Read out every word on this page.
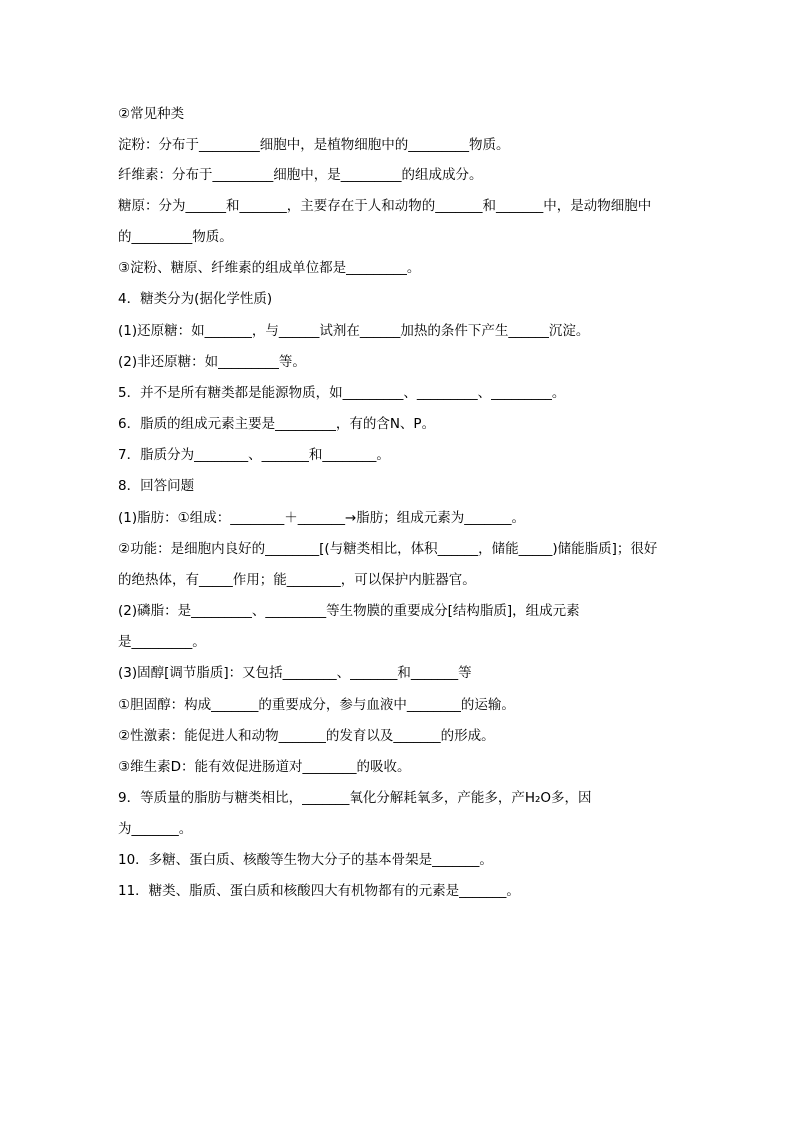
②常见种类
淀粉：分布于_________细胞中，是植物细胞中的_________物质。
纤维素：分布于_________细胞中，是_________的组成成分。
糖原：分为______和_______，主要存在于人和动物的_______和_______中，是动物细胞中
的_________物质。
③淀粉、糖原、纤维素的组成单位都是_________。
4．糖类分为(据化学性质)
(1)还原糖：如_______，与______试剂在______加热的条件下产生______沉淀。
(2)非还原糖：如_________等。
5．并不是所有糖类都是能源物质，如_________、_________、_________。
6．脂质的组成元素主要是_________，有的含N、P。
7．脂质分为________、_______和________。
8．回答问题
(1)脂肪：①组成：________＋_______→脂肪；组成元素为_______。
②功能：是细胞内良好的________[(与糖类相比，体积______，储能_____)储能脂质]；很好
的绝热体，有_____作用；能________，可以保护内脏器官。
(2)磷脂：是_________、_________等生物膜的重要成分[结构脂质]，组成元素
是_________。
(3)固醇[调节脂质]：又包括________、_______和_______等
①胆固醇：构成_______的重要成分，参与血液中________的运输。
②性激素：能促进人和动物_______的发育以及_______的形成。
③维生素D：能有效促进肠道对________的吸收。
9．等质量的脂肪与糖类相比，_______氧化分解耗氧多，产能多，产H₂O多，因
为_______。
10．多糖、蛋白质、核酸等生物大分子的基本骨架是_______。
11．糖类、脂质、蛋白质和核酸四大有机物都有的元素是_______。
